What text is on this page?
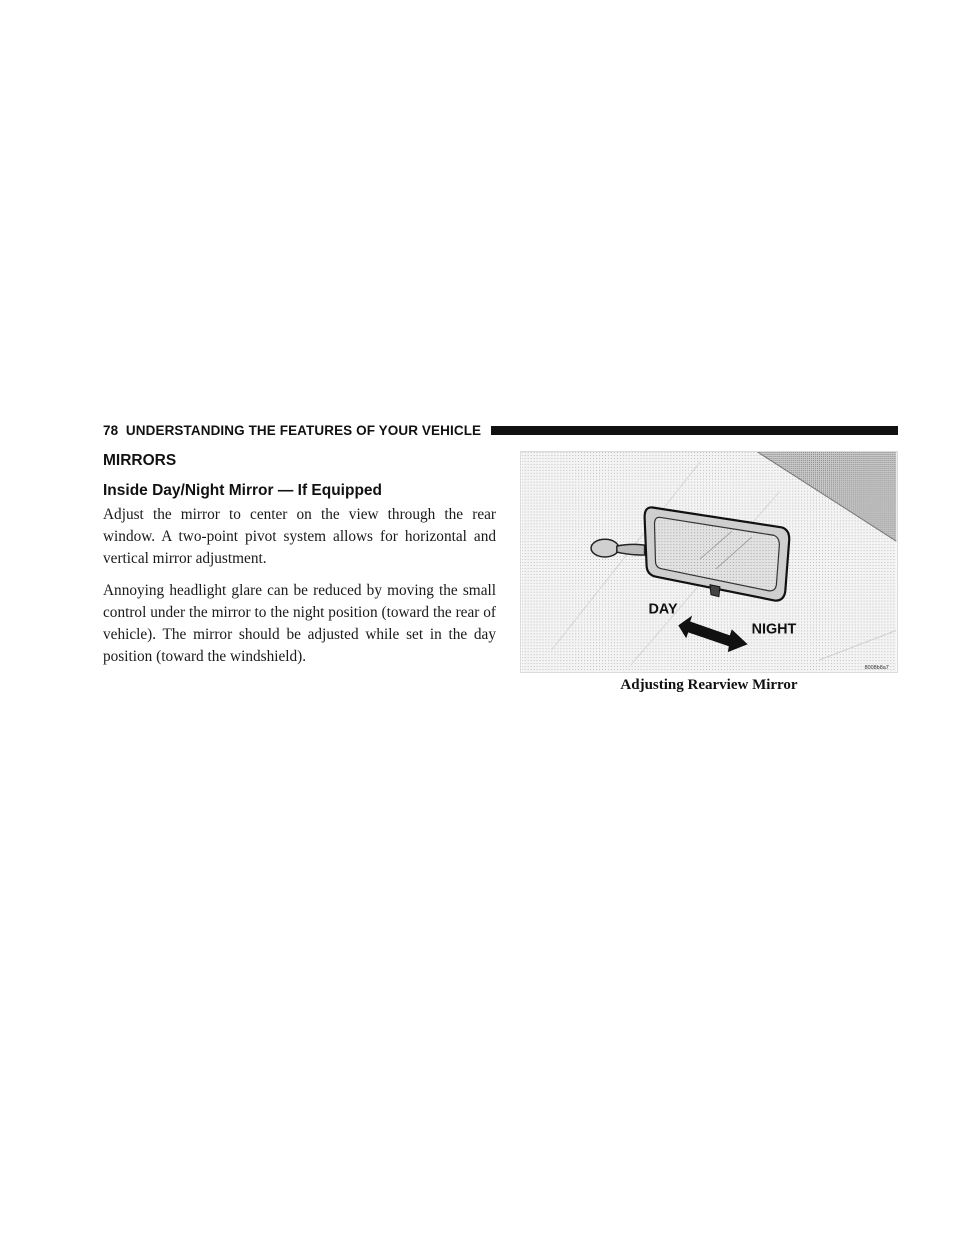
78 UNDERSTANDING THE FEATURES OF YOUR VEHICLE
MIRRORS
Inside Day/Night Mirror — If Equipped

Adjust the mirror to center on the view through the rear window. A two-point pivot system allows for horizontal and vertical mirror adjustment.

Annoying headlight glare can be reduced by moving the small control under the mirror to the night position (toward the rear of vehicle). The mirror should be adjusted while set in the day position (toward the windshield).

DAY
NIGHT
8008b8a7
Adjusting Rearview Mirror
